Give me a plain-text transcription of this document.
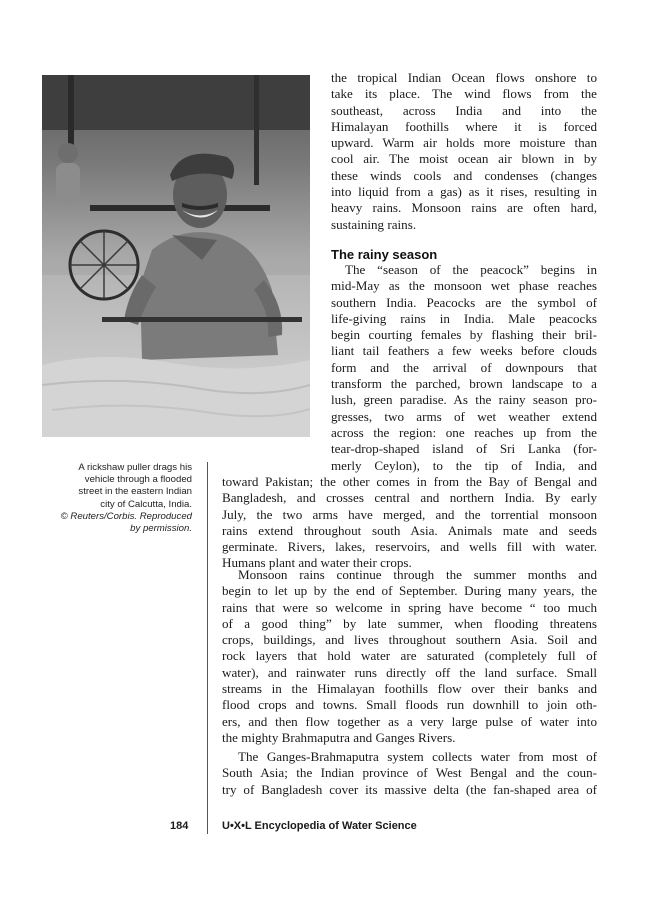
A rickshaw puller drags his
vehicle through a flooded
street in the eastern Indian
city of Calcutta, India.
© Reuters/Corbis. Reproduced
by permission.
the tropical Indian Ocean flows onshore to
take its place. The wind flows from the
southeast, across India and into the
Himalayan foothills where it is forced
upward. Warm air holds more moisture than
cool air. The moist ocean air blown in by
these winds cools and condenses (changes
into liquid from a gas) as it rises, resulting in
heavy rains. Monsoon rains are often hard,
sustaining rains.
The rainy season
The “season of the peacock” begins in
mid-May as the monsoon wet phase reaches
southern India. Peacocks are the symbol of
life-giving rains in India. Male peacocks
begin courting females by flashing their bril-
liant tail feathers a few weeks before clouds
form and the arrival of downpours that
transform the parched, brown landscape to a
lush, green paradise. As the rainy season pro-
gresses, two arms of wet weather extend
across the region: one reaches up from the
tear-drop-shaped island of Sri Lanka (for-
merly Ceylon), to the tip of India, and
toward Pakistan; the other comes in from the Bay of Bengal and
Bangladesh, and crosses central and northern India. By early
July, the two arms have merged, and the torrential monsoon
rains extend throughout south Asia. Animals mate and seeds
germinate. Rivers, lakes, reservoirs, and wells fill with water.
Humans plant and water their crops.
Monsoon rains continue through the summer months and
begin to let up by the end of September. During many years, the
rains that were so welcome in spring have become “ too much
of a good thing” by late summer, when flooding threatens
crops, buildings, and lives throughout southern Asia. Soil and
rock layers that hold water are saturated (completely full of
water), and rainwater runs directly off the land surface. Small
streams in the Himalayan foothills flow over their banks and
flood crops and towns. Small floods run downhill to join oth-
ers, and then flow together as a very large pulse of water into
the mighty Brahmaputra and Ganges Rivers.
The Ganges-Brahmaputra system collects water from most of
South Asia; the Indian province of West Bengal and the coun-
try of Bangladesh cover its massive delta (the fan-shaped area of
184	U•X•L Encyclopedia of Water Science
